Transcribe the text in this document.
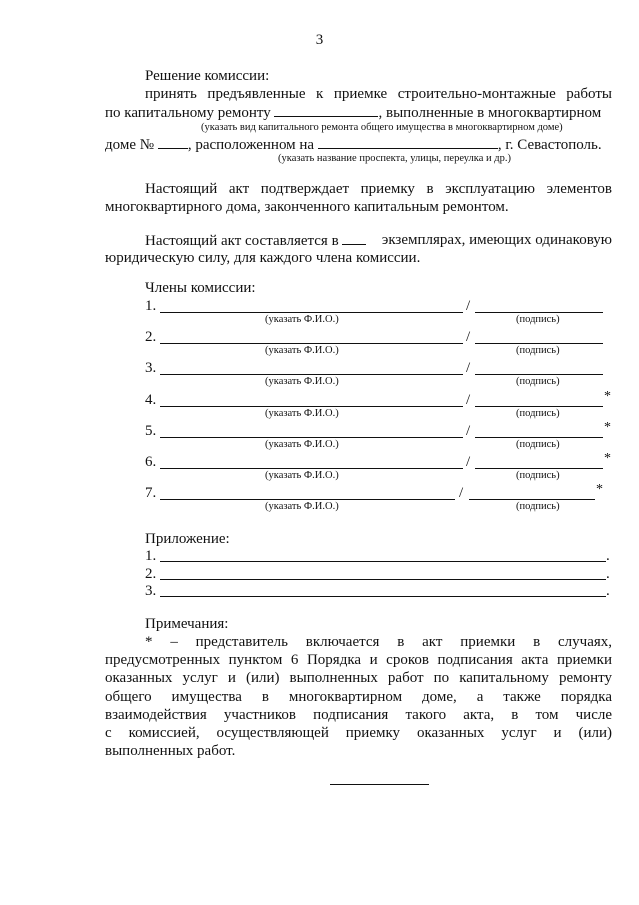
3
Решение комиссии:
принять предъявленные к приемке строительно-монтажные работы
по капитальному ремонту	, выполненные в многоквартирном
(указать вид капитального ремонта общего имущества в многоквартирном доме)
доме № , расположенном на	, г. Севастополь.
(указать название проспекта, улицы, переулка и др.)
Настоящий акт подтверждает приемку в эксплуатацию элементов
многоквартирного дома, законченного капитальным ремонтом.
Настоящий акт составляется в	экземплярах, имеющих одинаковую
юридическую силу, для каждого члена комиссии.
Члены комиссии:
1.	/
(указать Ф.И.О.)	(подпись)
2.	/
(указать Ф.И.О.)	(подпись)
3.	/
(указать Ф.И.О.)	(подпись)
4.	/	*
(указать Ф.И.О.)	(подпись)
5.	/	*
(указать Ф.И.О.)	(подпись)
6.	/	*
(указать Ф.И.О.)	(подпись)
7.	/	*
(указать Ф.И.О.)	(подпись)
Приложение:
1.	.
2.	.
3.	.
Примечания:
*   –   представитель   включается   в   акт   приемки   в   случаях,
предусмотренных пунктом 6 Порядка и сроков подписания акта приемки
оказанных услуг и (или) выполненных работ по капитальному ремонту
общего   имущества   в   многоквартирном   доме,   а   также   порядка
взаимодействия участников подписания такого акта, в том числе
с комиссией, осуществляющей приемку оказанных услуг и (или)
выполненных работ.
